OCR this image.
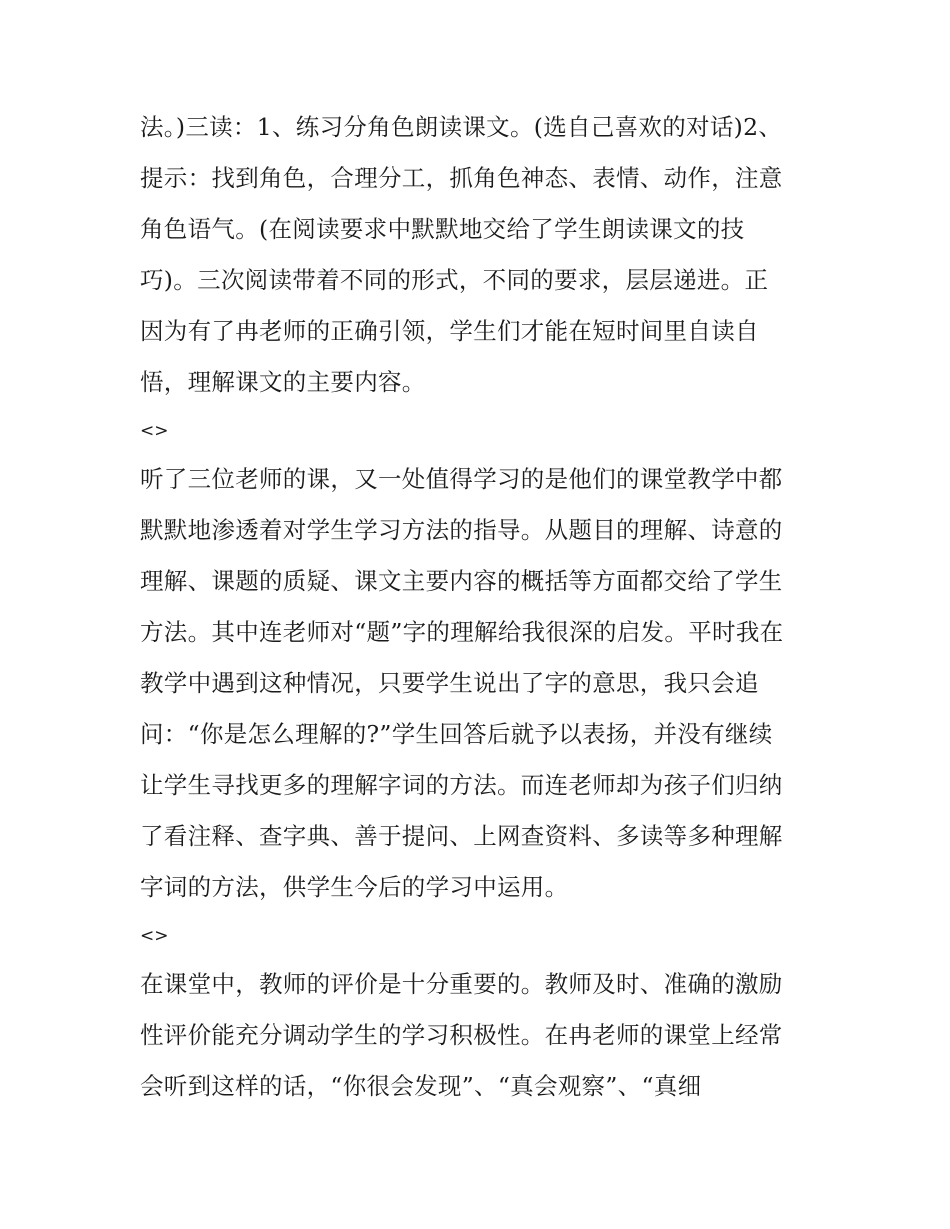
法。)三读：1、练习分角色朗读课文。(选自己喜欢的对话)2、
提示：找到角色，合理分工，抓角色神态、表情、动作，注意
角色语气。(在阅读要求中默默地交给了学生朗读课文的技
巧)。三次阅读带着不同的形式，不同的要求，层层递进。正
因为有了冉老师的正确引领，学生们才能在短时间里自读自
悟，理解课文的主要内容。
<>
听了三位老师的课，又一处值得学习的是他们的课堂教学中都
默默地渗透着对学生学习方法的指导。从题目的理解、诗意的
理解、课题的质疑、课文主要内容的概括等方面都交给了学生
方法。其中连老师对“题”字的理解给我很深的启发。平时我在
教学中遇到这种情况，只要学生说出了字的意思，我只会追
问：“你是怎么理解的?”学生回答后就予以表扬，并没有继续
让学生寻找更多的理解字词的方法。而连老师却为孩子们归纳
了看注释、查字典、善于提问、上网查资料、多读等多种理解
字词的方法，供学生今后的学习中运用。
<>
在课堂中，教师的评价是十分重要的。教师及时、准确的激励
性评价能充分调动学生的学习积极性。在冉老师的课堂上经常
会听到这样的话，“你很会发现”、“真会观察”、“真细
